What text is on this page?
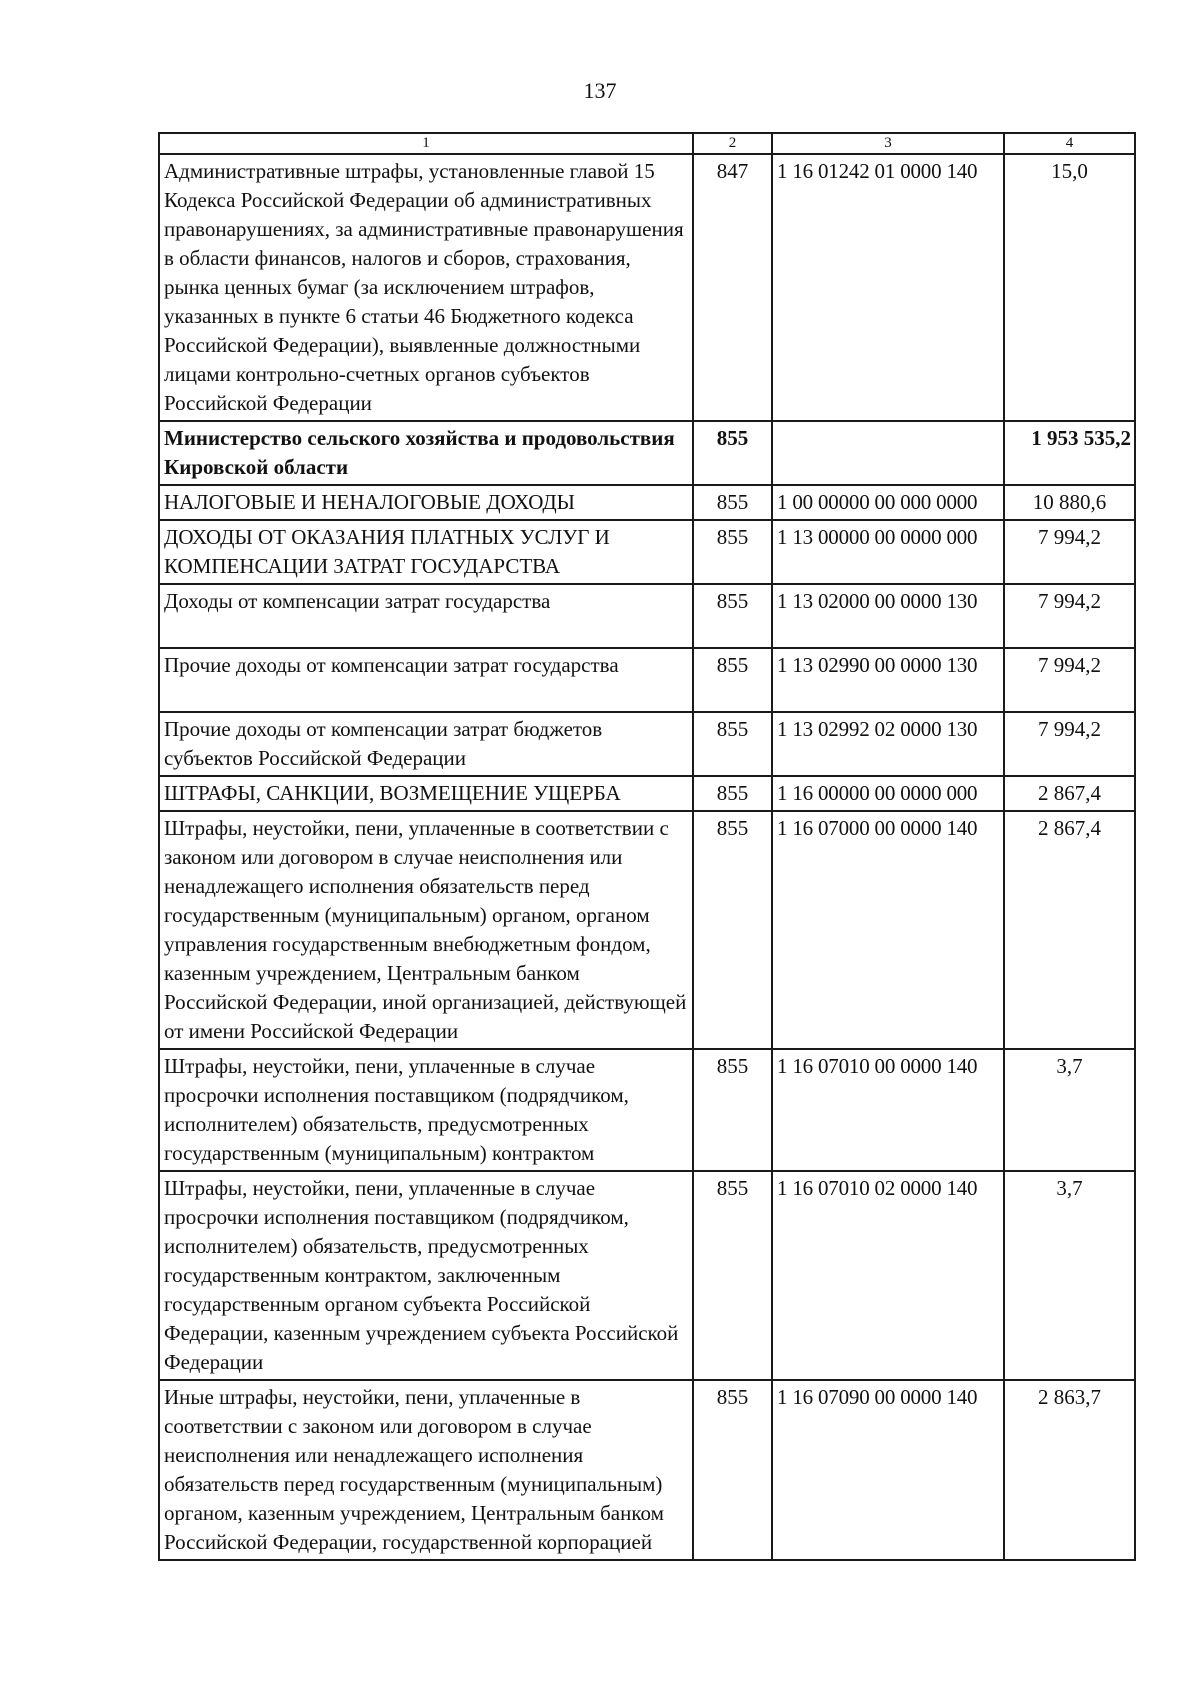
137
1	2	3	4
Административные штрафы, установленные главой 15 Кодекса Российской Федерации об административных правонарушениях, за административные правонарушения в области финансов, налогов и сборов, страхования, рынка ценных бумаг (за исключением штрафов, указанных в пункте 6 статьи 46 Бюджетного кодекса Российской Федерации), выявленные должностными лицами контрольно-счетных органов субъектов Российской Федерации	847	1 16 01242 01 0000 140	15,0
Министерство сельского хозяйства и продовольствия Кировской области	855		1 953 535,2
НАЛОГОВЫЕ И НЕНАЛОГОВЫЕ ДОХОДЫ	855	1 00 00000 00 000 0000	10 880,6
ДОХОДЫ ОТ ОКАЗАНИЯ ПЛАТНЫХ УСЛУГ И КОМПЕНСАЦИИ ЗАТРАТ ГОСУДАРСТВА	855	1 13 00000 00 0000 000	7 994,2
Доходы от компенсации затрат государства	855	1 13 02000 00 0000 130	7 994,2
Прочие доходы от компенсации затрат государства	855	1 13 02990 00 0000 130	7 994,2
Прочие доходы от компенсации затрат бюджетов субъектов Российской Федерации	855	1 13 02992 02 0000 130	7 994,2
ШТРАФЫ, САНКЦИИ, ВОЗМЕЩЕНИЕ УЩЕРБА	855	1 16 00000 00 0000 000	2 867,4
Штрафы, неустойки, пени, уплаченные в соответствии с законом или договором в случае неисполнения или ненадлежащего исполнения обязательств перед государственным (муниципальным) органом, органом управления государственным внебюджетным фондом, казенным учреждением, Центральным банком Российской Федерации, иной организацией, действующей от имени Российской Федерации	855	1 16 07000 00 0000 140	2 867,4
Штрафы, неустойки, пени, уплаченные в случае просрочки исполнения поставщиком (подрядчиком, исполнителем) обязательств, предусмотренных государственным (муниципальным) контрактом	855	1 16 07010 00 0000 140	3,7
Штрафы, неустойки, пени, уплаченные в случае просрочки исполнения поставщиком (подрядчиком, исполнителем) обязательств, предусмотренных государственным контрактом, заключенным государственным органом субъекта Российской Федерации, казенным учреждением субъекта Российской Федерации	855	1 16 07010 02 0000 140	3,7
Иные штрафы, неустойки, пени, уплаченные в соответствии с законом или договором в случае неисполнения или ненадлежащего исполнения обязательств перед государственным (муниципальным) органом, казенным учреждением, Центральным банком Российской Федерации, государственной корпорацией	855	1 16 07090 00 0000 140	2 863,7
